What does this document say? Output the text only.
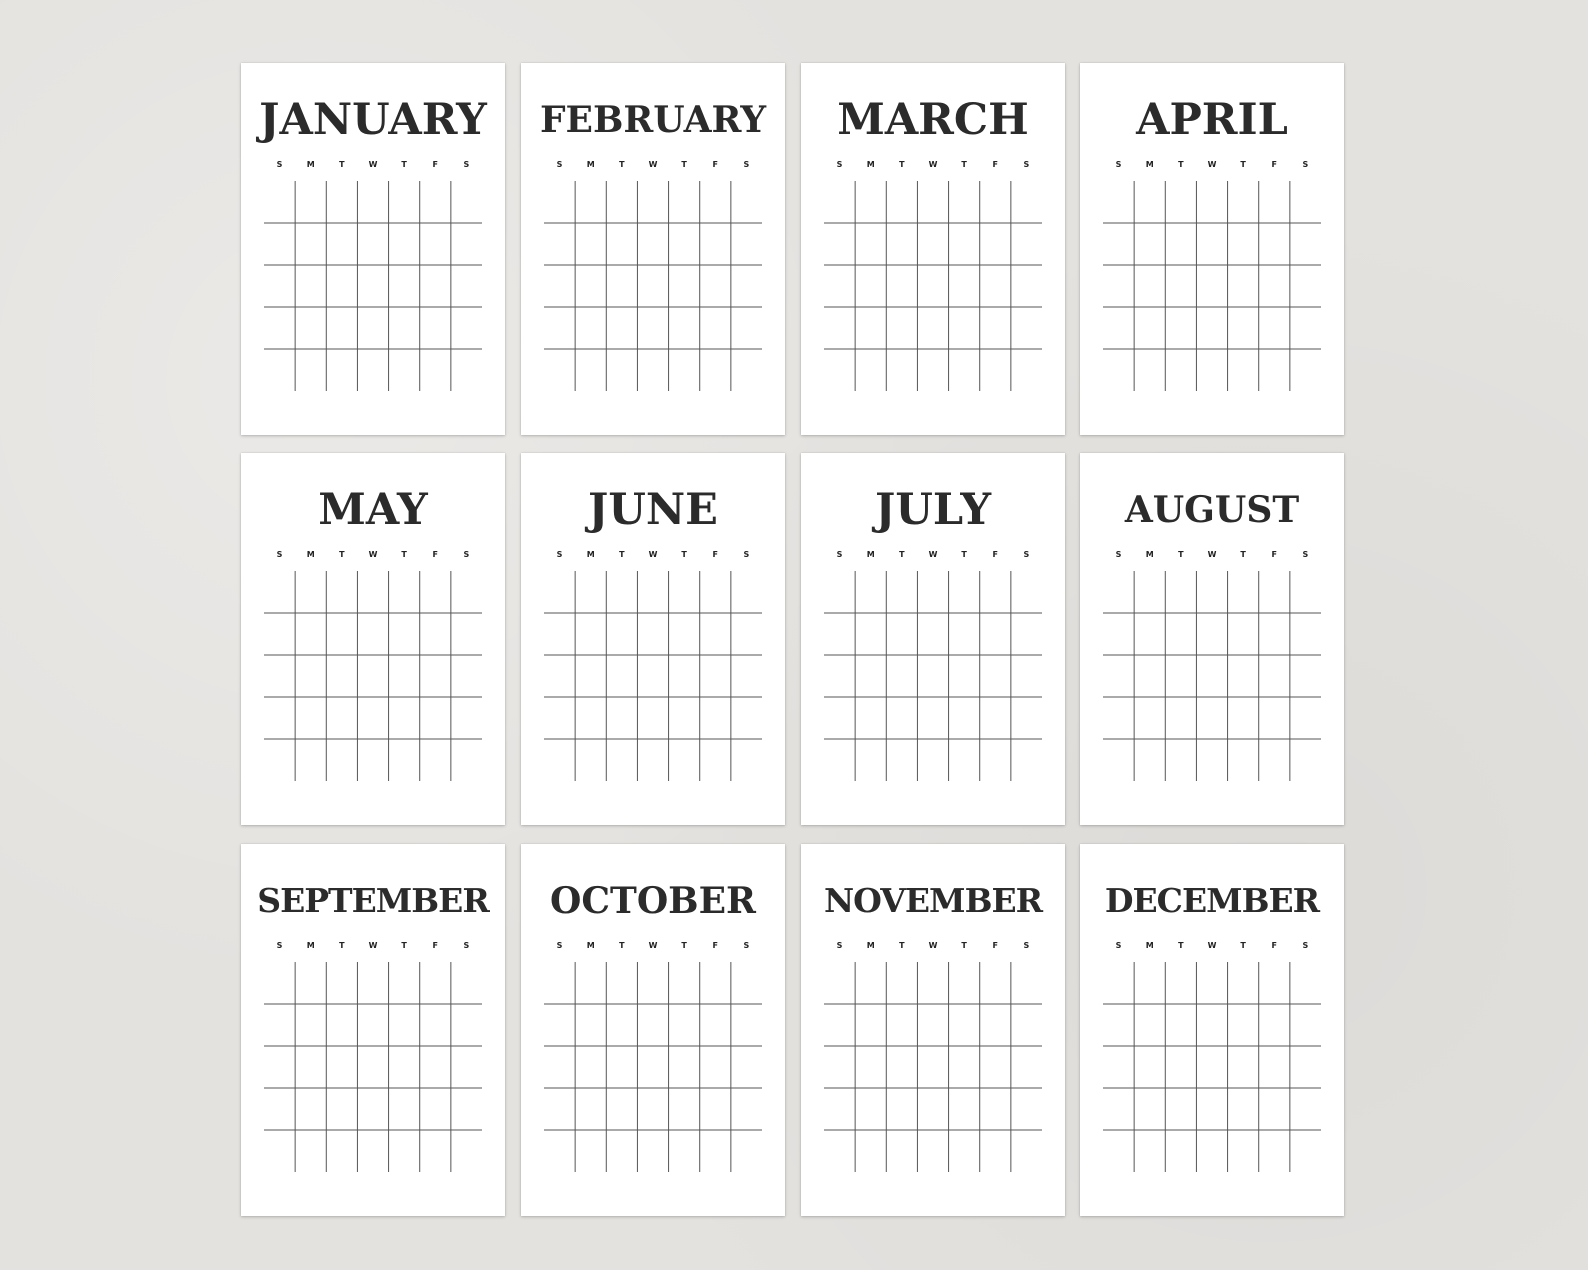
JANUARY
S	M	T	W	T	F	S
FEBRUARY
S	M	T	W	T	F	S
MARCH
S	M	T	W	T	F	S
APRIL
S	M	T	W	T	F	S
MAY
S	M	T	W	T	F	S
JUNE
S	M	T	W	T	F	S
JULY
S	M	T	W	T	F	S
AUGUST
S	M	T	W	T	F	S
SEPTEMBER
S	M	T	W	T	F	S
OCTOBER
S	M	T	W	T	F	S
NOVEMBER
S	M	T	W	T	F	S
DECEMBER
S	M	T	W	T	F	S
